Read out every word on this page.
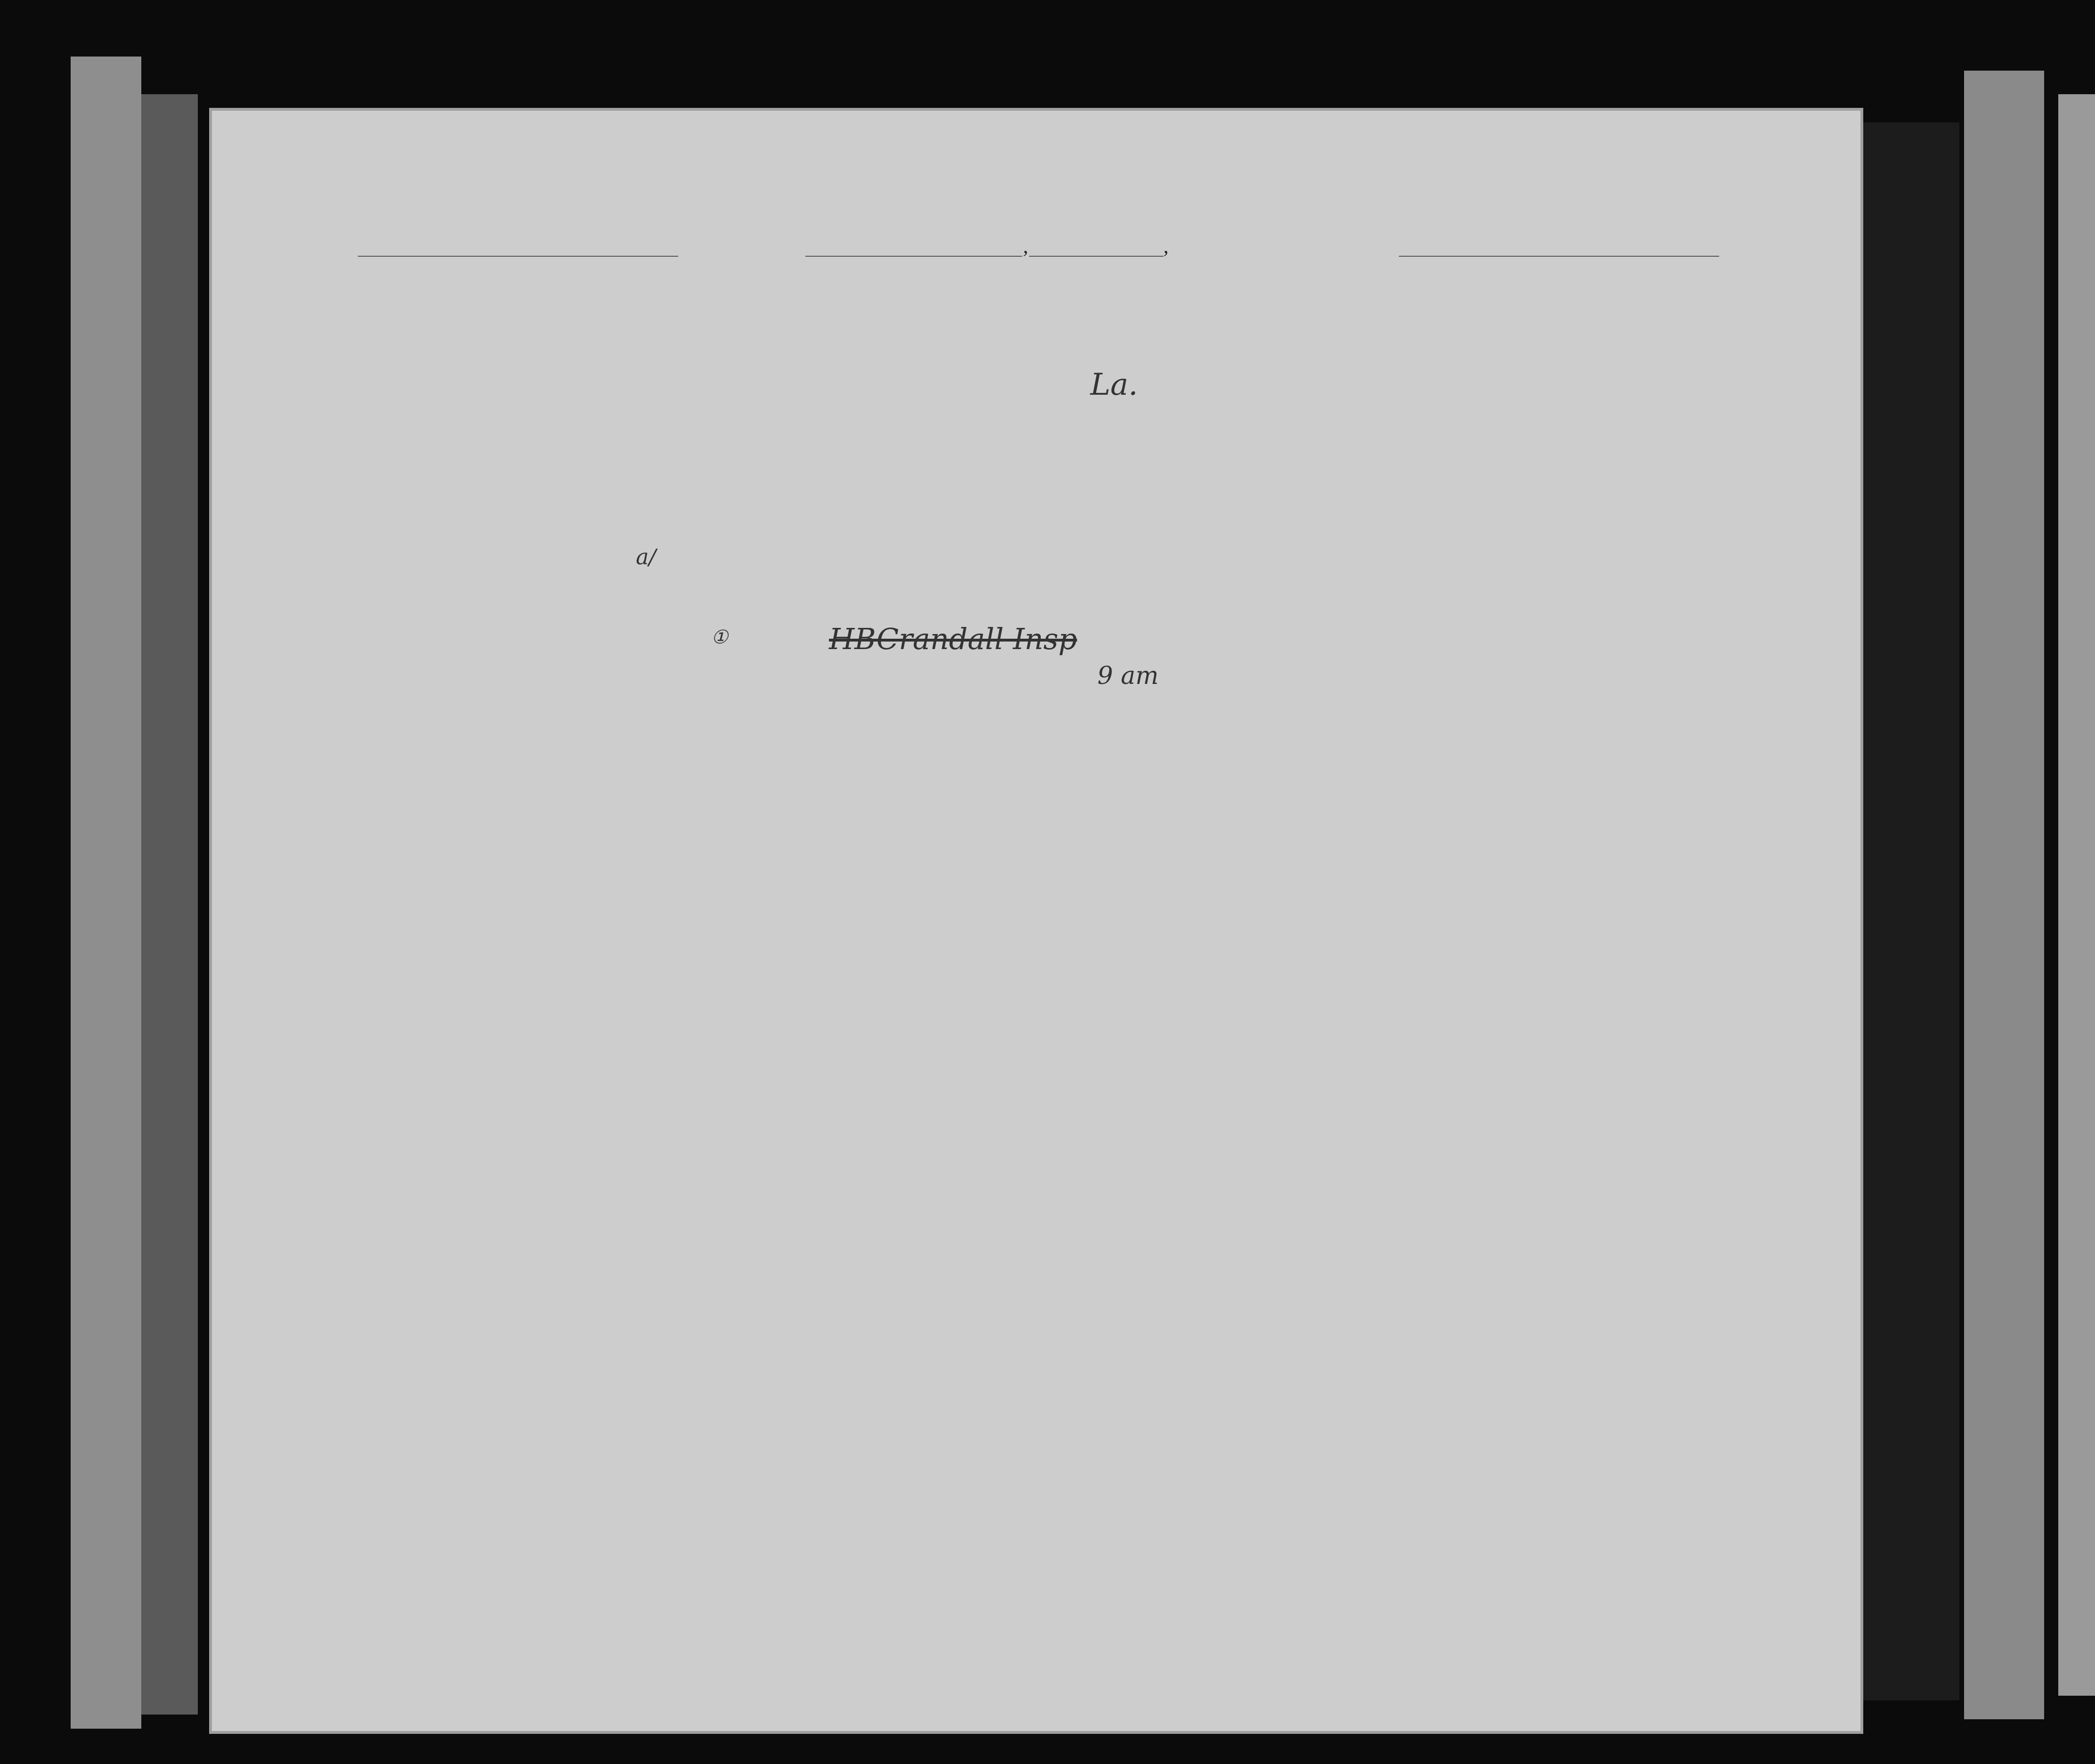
,	,
La.
a/
①	HBCrandall Insp
9 am
